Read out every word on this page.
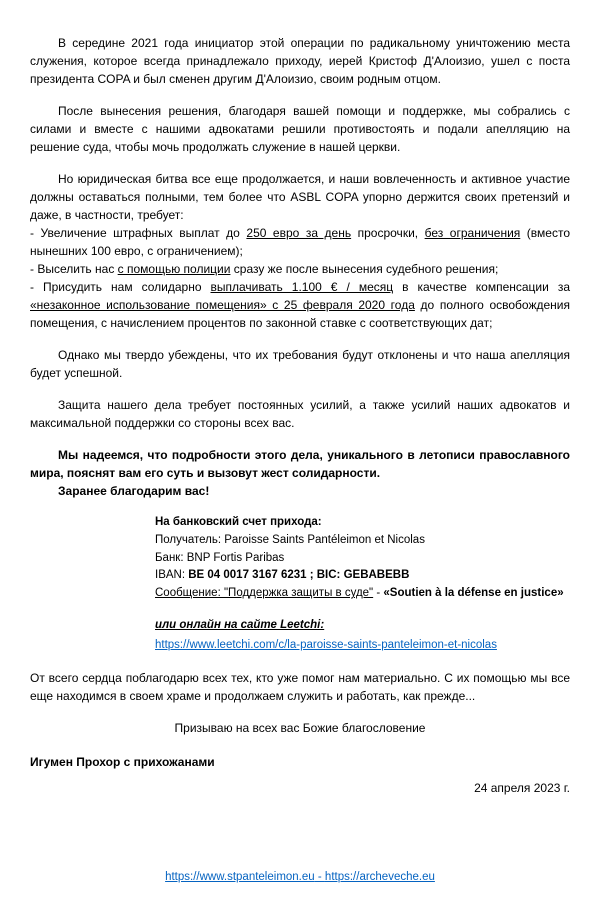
В середине 2021 года инициатор этой операции по радикальному уничтожению места служения, которое всегда принадлежало приходу, иерей Кристоф Д'Алоизио, ушел с поста президента COPA и был сменен другим Д'Алоизио, своим родным отцом.

После вынесения решения, благодаря вашей помощи и поддержке, мы собрались с силами и вместе с нашими адвокатами решили противостоять и подали апелляцию на решение суда, чтобы мочь продолжать служение в нашей церкви.

Но юридическая битва все еще продолжается, и наши вовлеченность и активное участие должны оставаться полными, тем более что ASBL COPA упорно держится своих претензий и даже, в частности, требует:

- Увеличение штрафных выплат до 250 евро за день просрочки, без ограничения (вместо нынешних 100 евро, с ограничением);

- Выселить нас с помощью полиции сразу же после вынесения судебного решения;

- Присудить нам солидарно выплачивать 1.100 € / месяц в качестве компенсации за «незаконное использование помещения» с 25 февраля 2020 года до полного освобождения помещения, с начислением процентов по законной ставке с соответствующих дат;

Однако мы твердо убеждены, что их требования будут отклонены и что наша апелляция будет успешной.

Защита нашего дела требует постоянных усилий, а также усилий наших адвокатов и максимальной поддержки со стороны всех вас.

Мы надеемся, что подробности этого дела, уникального в летописи православного мира, пояснят вам его суть и вызовут жест солидарности.

Заранее благодарим вас!

На банковский счет прихода:
Получатель: Paroisse Saints Pantéleimon et Nicolas
Банк: BNP Fortis Paribas
IBAN: BE 04 0017 3167 6231 ; BIC: GEBABEBB
Сообщение: "Поддержка защиты в суде" - «Soutien à la défense en justice»
или онлайн на сайте Leetchi:
https://www.leetchi.com/c/la-paroisse-saints-panteleimon-et-nicolas

От всего сердца поблагодарю всех тех, кто уже помог нам материально. С их помощью мы все еще находимся в своем храме и продолжаем служить и работать, как прежде...

Призываю на всех вас Божие благословение

Игумен Прохор с прихожанами

24 апреля 2023 г.

https://www.stpanteleimon.eu - https://archeveche.eu
